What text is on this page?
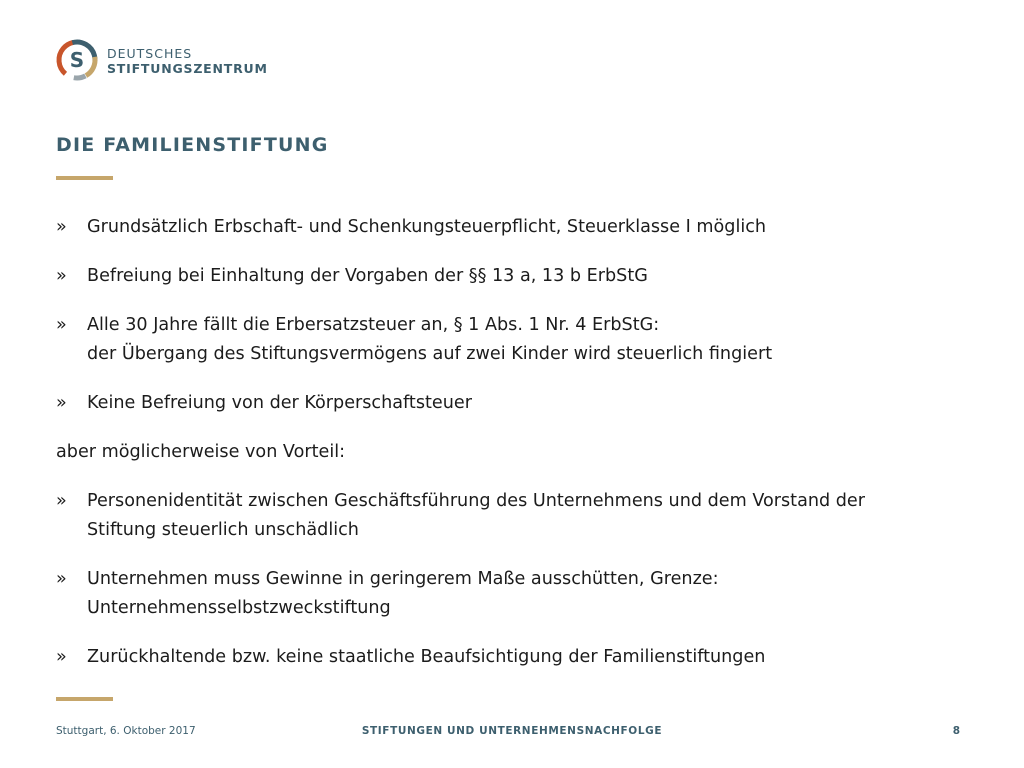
S DEUTSCHES
STIFTUNGSZENTRUM
DIE FAMILIENSTIFTUNG
» Grundsätzlich Erbschaft- und Schenkungsteuerpflicht, Steuerklasse I möglich
» Befreiung bei Einhaltung der Vorgaben der §§ 13 a, 13 b ErbStG
» Alle 30 Jahre fällt die Erbersatzsteuer an, § 1 Abs. 1 Nr. 4 ErbStG:
der Übergang des Stiftungsvermögens auf zwei Kinder wird steuerlich fingiert
» Keine Befreiung von der Körperschaftsteuer
aber möglicherweise von Vorteil:
» Personenidentität zwischen Geschäftsführung des Unternehmens und dem Vorstand der
Stiftung steuerlich unschädlich
» Unternehmen muss Gewinne in geringerem Maße ausschütten, Grenze:
Unternehmensselbstzweckstiftung
» Zurückhaltende bzw. keine staatliche Beaufsichtigung der Familienstiftungen
Stuttgart, 6. Oktober 2017	STIFTUNGEN UND UNTERNEHMENSNACHFOLGE	8
